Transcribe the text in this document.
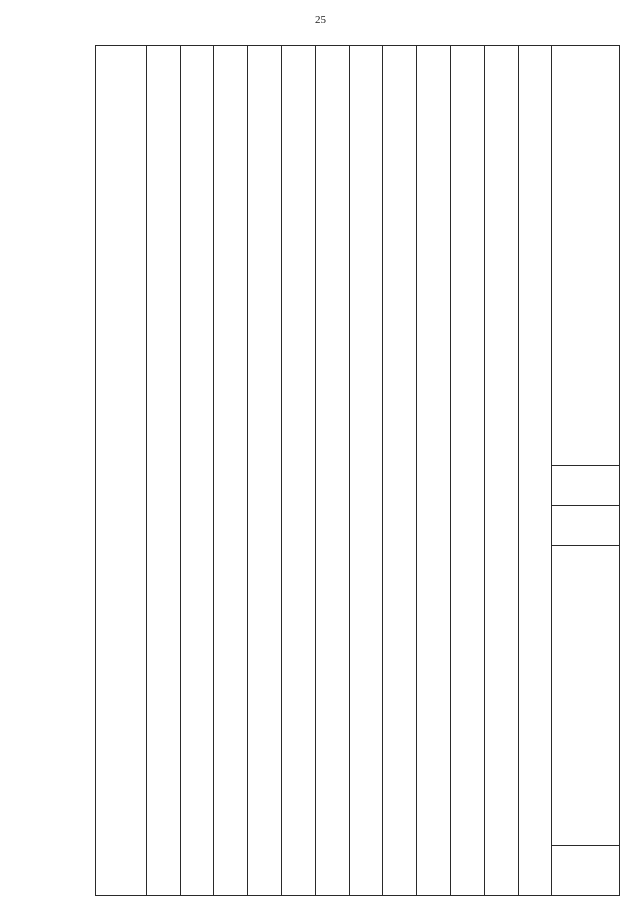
25
